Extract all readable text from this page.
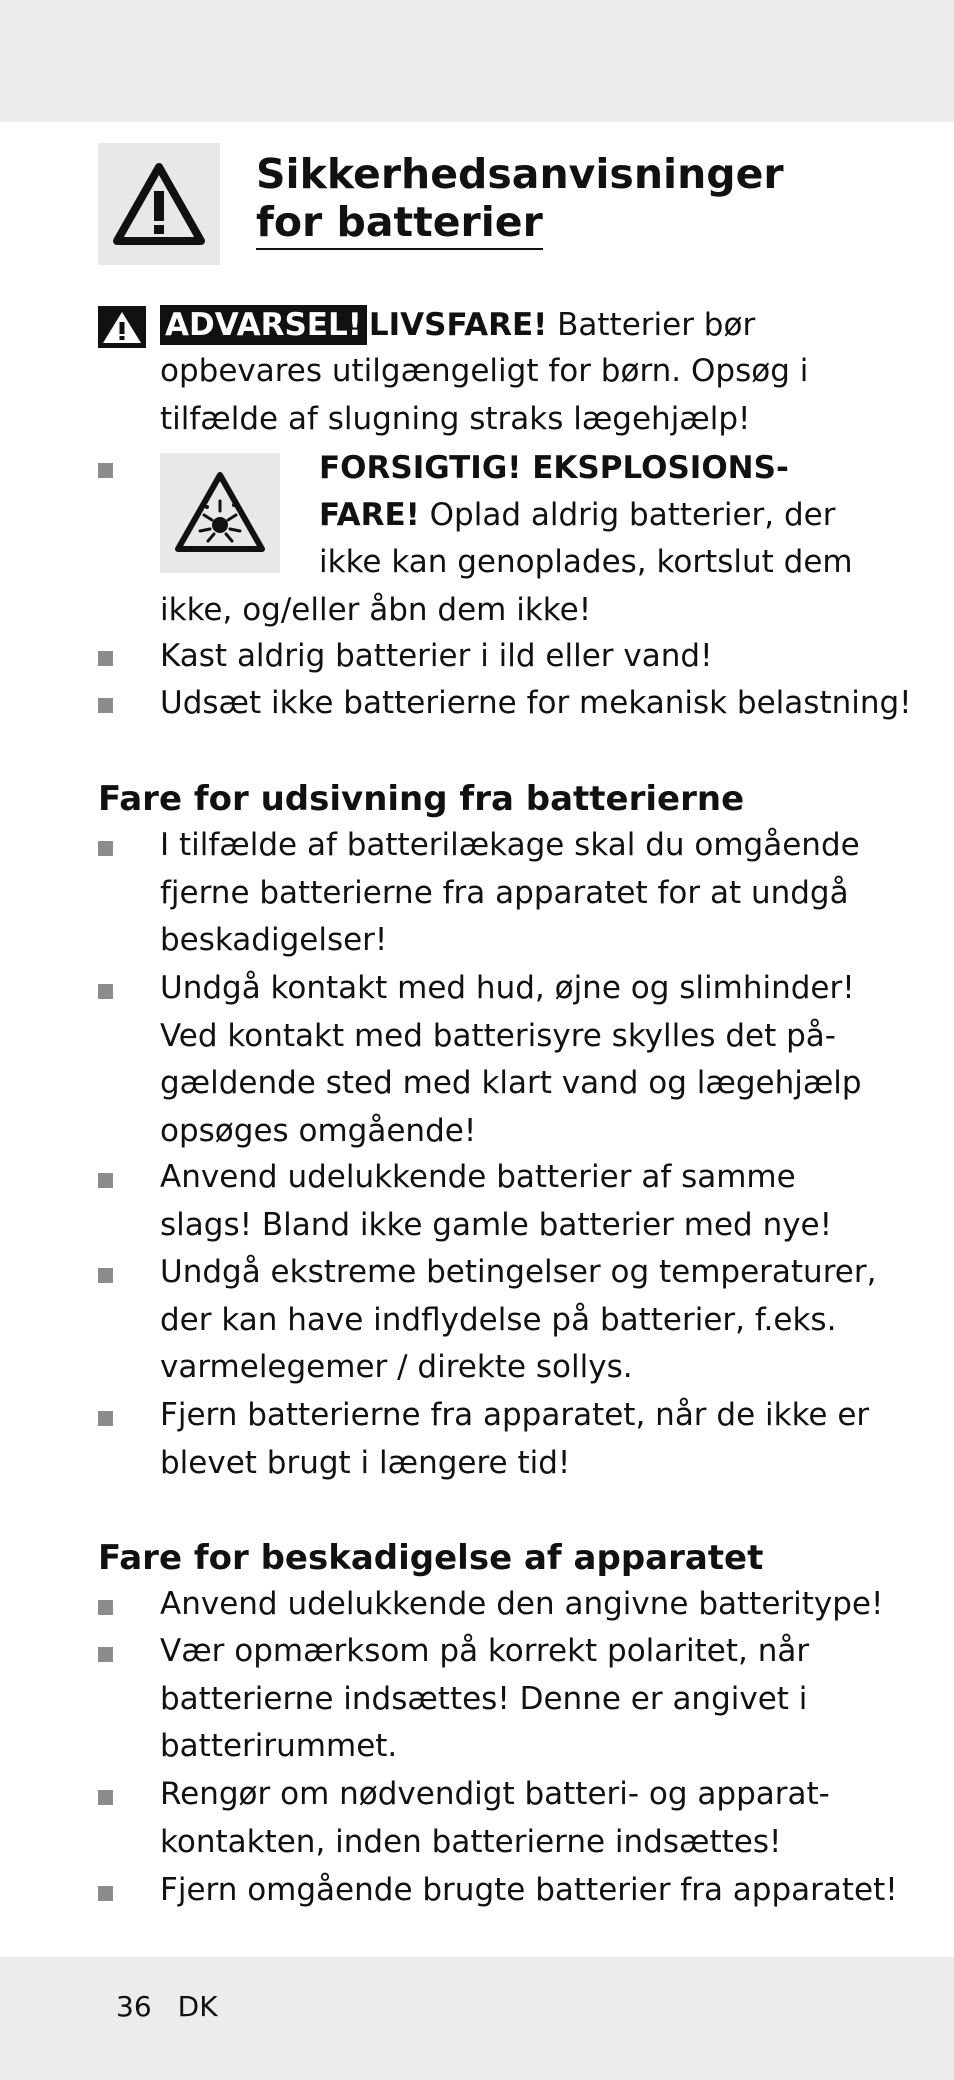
Sikkerhedsanvisninger
for batterier
ADVARSEL! LIVSFARE! Batterier bør
opbevares utilgængeligt for børn. Opsøg i
tilfælde af slugning straks lægehjælp!
FORSIGTIG! EKSPLOSIONS-
FARE! Oplad aldrig batterier, der
ikke kan genoplades, kortslut dem
ikke, og/eller åbn dem ikke!
Kast aldrig batterier i ild eller vand!
Udsæt ikke batterierne for mekanisk belastning!
Fare for udsivning fra batterierne
I tilfælde af batterilækage skal du omgående
fjerne batterierne fra apparatet for at undgå
beskadigelser!
Undgå kontakt med hud, øjne og slimhinder!
Ved kontakt med batterisyre skylles det på-
gældende sted med klart vand og lægehjælp
opsøges omgående!
Anvend udelukkende batterier af samme
slags! Bland ikke gamle batterier med nye!
Undgå ekstreme betingelser og temperaturer,
der kan have indflydelse på batterier, f.eks.
varmelegemer / direkte sollys.
Fjern batterierne fra apparatet, når de ikke er
blevet brugt i længere tid!
Fare for beskadigelse af apparatet
Anvend udelukkende den angivne batteritype!
Vær opmærksom på korrekt polaritet, når
batterierne indsættes! Denne er angivet i
batterirummet.
Rengør om nødvendigt batteri- og apparat-
kontakten, inden batterierne indsættes!
Fjern omgående brugte batterier fra apparatet!
36 DK
